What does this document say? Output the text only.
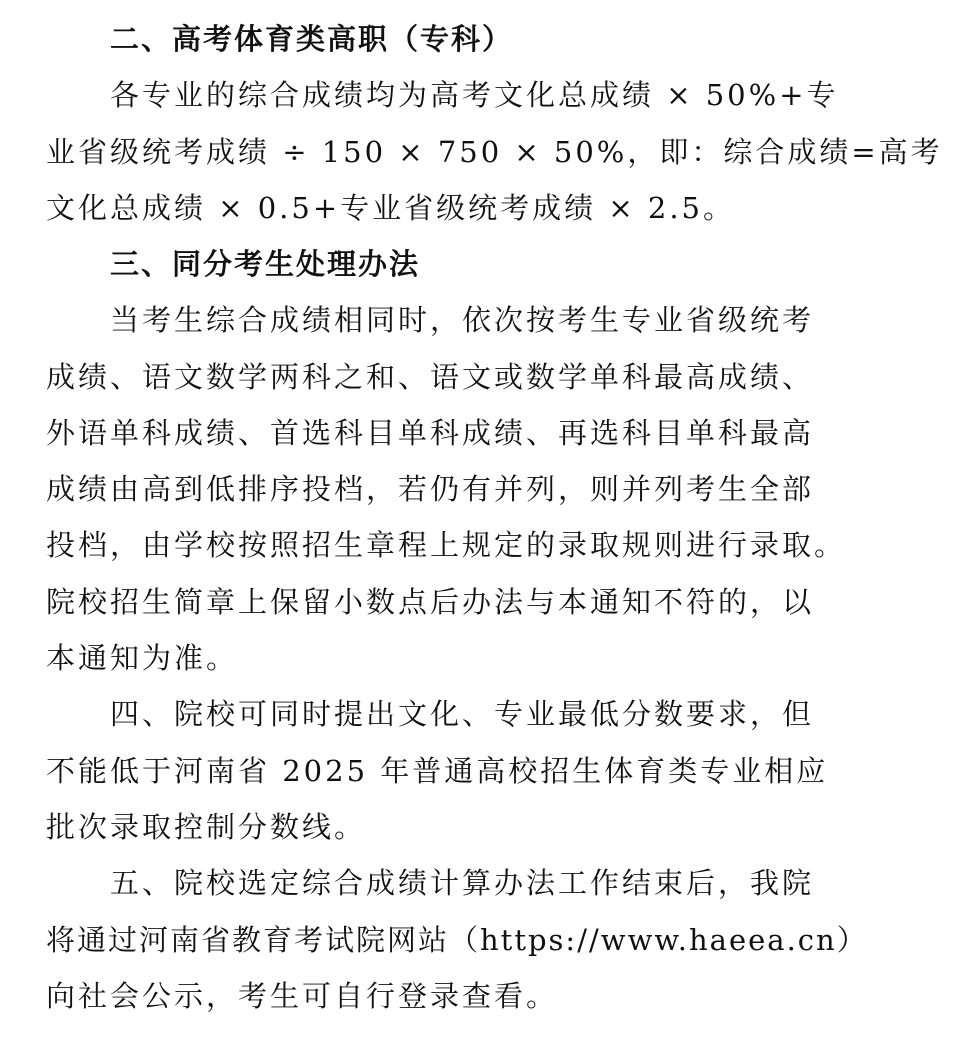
二、高考体育类高职（专科）
各专业的综合成绩均为高考文化总成绩 × 50%+专
业省级统考成绩 ÷ 150 × 750 × 50%，即：综合成绩=高考
文化总成绩 × 0.5+专业省级统考成绩 × 2.5。
三、同分考生处理办法
当考生综合成绩相同时，依次按考生专业省级统考
成绩、语文数学两科之和、语文或数学单科最高成绩、
外语单科成绩、首选科目单科成绩、再选科目单科最高
成绩由高到低排序投档，若仍有并列，则并列考生全部
投档，由学校按照招生章程上规定的录取规则进行录取。
院校招生简章上保留小数点后办法与本通知不符的，以
本通知为准。
四、院校可同时提出文化、专业最低分数要求，但
不能低于河南省 2025 年普通高校招生体育类专业相应
批次录取控制分数线。
五、院校选定综合成绩计算办法工作结束后，我院
将通过河南省教育考试院网站（https://www.haeea.cn）
向社会公示，考生可自行登录查看。
